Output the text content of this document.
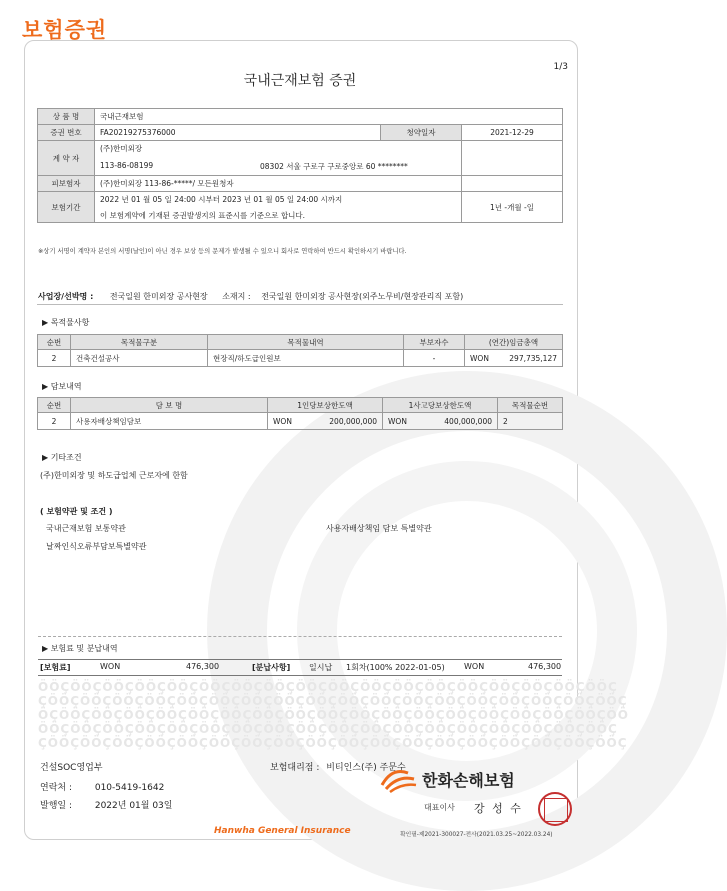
보험증권
1/3
국내근재보험 증권
상 품 명	국내근재보험		
증권 번호	FA20219275376000	청약일자	2021-12-29
계 약 자	(주)한미외장
113-86-08199 08302 서울 구로구 구로중앙로 60 ********		

피보험자	(주)한미외장 113-86-*****/ 모든원청자		
보험기간	2022 년 01 월 05 일 24:00 시부터 2023 년 01 월 05 일 24:00 시까지
이 보험계약에 기재된 증권발생지의 표준시를 기준으로 합니다.		1년 -개월 -일
※상기 서명이 계약자 본인의 서명(날인)이 아닌 경우 보상 등의 문제가 발생될 수 있으니 회사로 연락하여 반드시 확인하시기 바랍니다.
사업장/선박명 : 전국일원 한미외장 공사현장 소재지 : 전국일원 한미외장 공사현장(외주노무비/현장관리직 포함)
▶ 목적물사항
순번	목적물구분	목적물내역	부보자수	(연간)임금총액
2	건축건설공사	현장직/하도급인원보	-	WON 297,735,127
▶ 담보내역
순번	담 보 명	1인당보상한도액	1사고당보상한도액	목적물순번
2	사용자배상책임담보	WON 200,000,000	WON 400,000,000	2
▶ 기타조건
(주)한미외장 및 하도급업체 근로자에 한함
( 보험약관 및 조건 )
국내근재보험 보통약관	사용자배상책임 담보 특별약관
날짜인식오류부담보특별약관
▶ 보험료 및 분납내역
[보험료]	WON	476,300	[분납사항] 일시납 1회차(100% 2022-01-05) WON	476,300
ÖÖÇÖÖÇÖÖÇÖÖÇÖÖÇÖÖÇÖÖÇÖÖÇÖÖÇÖÖÇÖÖÇÖÖÇÖÖÇÖÖÇÖÖÇÖÖÇÖÖÇÖÖÇ
ÇÖÖÇÖÖÇÖÖÇÖÖÇÖÖÇÖÖÇÖÖÇÖÖÇÖÖÇÖÖÇÖÖÇÖÖÇÖÖÇÖÖÇÖÖÇÖÖÇÖÖÇÖÖÇ
ÖÇÖÖÇÖÖÇÖÖÇÖÖÇÖÖÇÖÖÇÖÖÇÖÖÇÖÖÇÖÖÇÖÖÇÖÖÇÖÖÇÖÖÇÖÖÇÖÖÇÖÖÇÖÖ
ÖÖÇÖÖÇÖÖÇÖÖÇÖÖÇÖÖÇÖÖÇÖÖÇÖÖÇÖÖÇÖÖÇÖÖÇÖÖÇÖÖÇÖÖÇÖÖÇÖÖÇÖÖÇ
ÇÖÖÇÖÖÇÖÖÇÖÖÇÖÖÇÖÖÇÖÖÇÖÖÇÖÖÇÖÖÇÖÖÇÖÖÇÖÖÇÖÖÇÖÖÇÖÖÇÖÖÇÖÖÇ
건설SOC영업부	보험대리점 : 비티인스(주) 주문수
연락처 :	010-5419-1642
발행일 :	2022년 01월 03일
한화손해보험
대표이사 강 성 수
Hanwha General Insurance	확인필-제2021-300027-전사(2021.03.25~2022.03.24)
